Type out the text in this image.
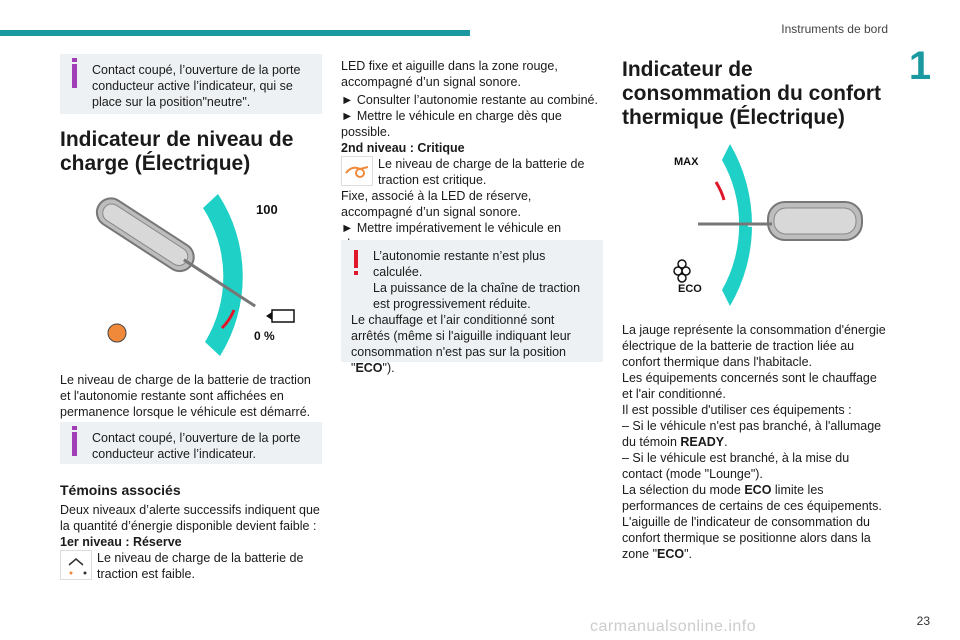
Instruments de bord
1
Contact coupé, l’ouverture de la porte conducteur active l’indicateur, qui se place sur la position"neutre".
Indicateur de niveau de charge (Électrique)
100
0 %

Le niveau de charge de la batterie de traction et l'autonomie restante sont affichées en permanence lorsque le véhicule est démarré.

Contact coupé, l’ouverture de la porte conducteur active l’indicateur.
Témoins associés

Deux niveaux d’alerte successifs indiquent que la quantité d’énergie disponible devient faible :

1er niveau : Réserve

Le niveau de charge de la batterie de traction est faible.

LED fixe et aiguille dans la zone rouge, accompagné d’un signal sonore.

► Consulter l’autonomie restante au combiné.

► Mettre le véhicule en charge dès que possible.

2nd niveau : Critique

Le niveau de charge de la batterie de traction est critique.

Fixe, associé à la LED de réserve, accompagné d’un signal sonore.

► Mettre impérativement le véhicule en

L’autonomie restante n’est plus calculée.
La puissance de la chaîne de traction est progressivement réduite.
Le chauffage et l’air conditionné sont arrêtés (même si l'aiguille indiquant leur consommation n'est pas sur la position "ECO").
Indicateur de consommation du confort thermique (Électrique)
MAX
ECO

La jauge représente la consommation d'énergie électrique de la batterie de traction liée au confort thermique dans l'habitacle.

Les équipements concernés sont le chauffage et l'air conditionné.

Il est possible d'utiliser ces équipements :

– Si le véhicule n'est pas branché, à l'allumage du témoin READY.

– Si le véhicule est branché, à la mise du contact (mode "Lounge").

La sélection du mode ECO limite les performances de certains de ces équipements.

L'aiguille de l'indicateur de consommation du confort thermique se positionne alors dans la zone "ECO".

carmanualsonline.info	23
